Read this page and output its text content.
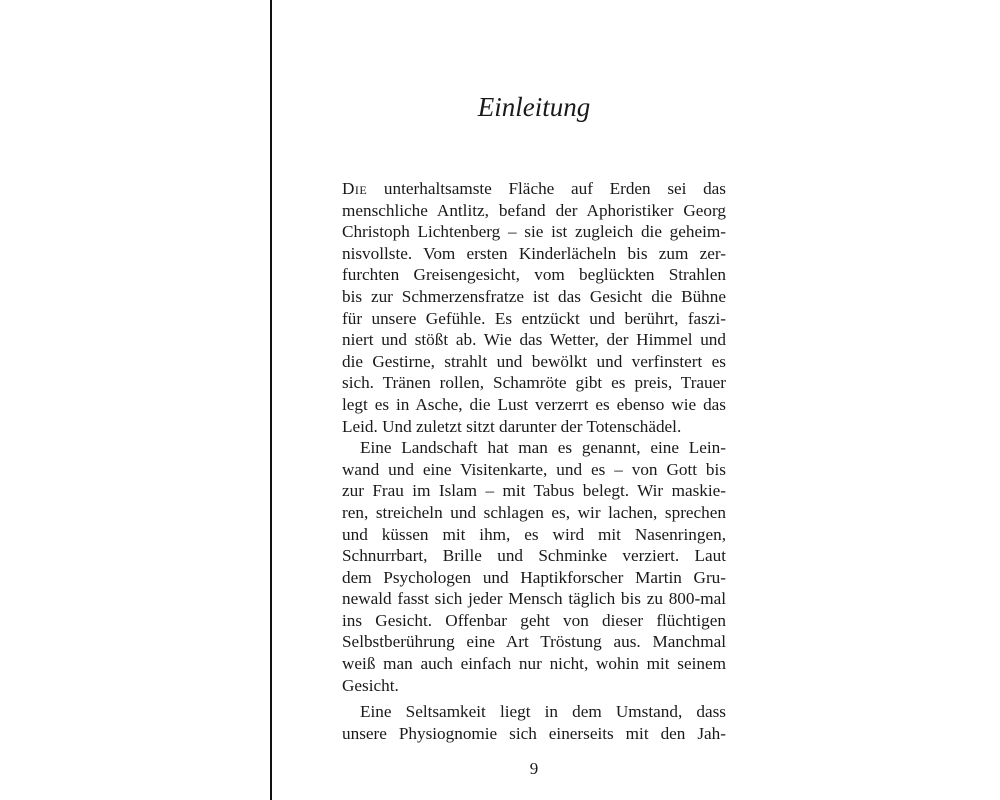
Einleitung
Die unterhaltsamste Fläche auf Erden sei das
menschliche Antlitz, befand der Aphoristiker Georg
Christoph Lichtenberg – sie ist zugleich die geheim-
nisvollste. Vom ersten Kinderlächeln bis zum zer-
furchten Greisengesicht, vom beglückten Strahlen
bis zur Schmerzensfratze ist das Gesicht die Bühne
für unsere Gefühle. Es entzückt und berührt, faszi-
niert und stößt ab. Wie das Wetter, der Himmel und
die Gestirne, strahlt und bewölkt und verfinstert es
sich. Tränen rollen, Schamröte gibt es preis, Trauer
legt es in Asche, die Lust verzerrt es ebenso wie das
Leid. Und zuletzt sitzt darunter der Totenschädel.
Eine Landschaft hat man es genannt, eine Lein-
wand und eine Visitenkarte, und es – von Gott bis
zur Frau im Islam – mit Tabus belegt. Wir maskie-
ren, streicheln und schlagen es, wir lachen, sprechen
und küssen mit ihm, es wird mit Nasenringen,
Schnurrbart, Brille und Schminke verziert. Laut
dem Psychologen und Haptikforscher Martin Gru-
newald fasst sich jeder Mensch täglich bis zu 800-mal
ins Gesicht. Offenbar geht von dieser flüchtigen
Selbstberührung eine Art Tröstung aus. Manchmal
weiß man auch einfach nur nicht, wohin mit seinem
Gesicht.
Eine Seltsamkeit liegt in dem Umstand, dass
unsere Physiognomie sich einerseits mit den Jah-
9
